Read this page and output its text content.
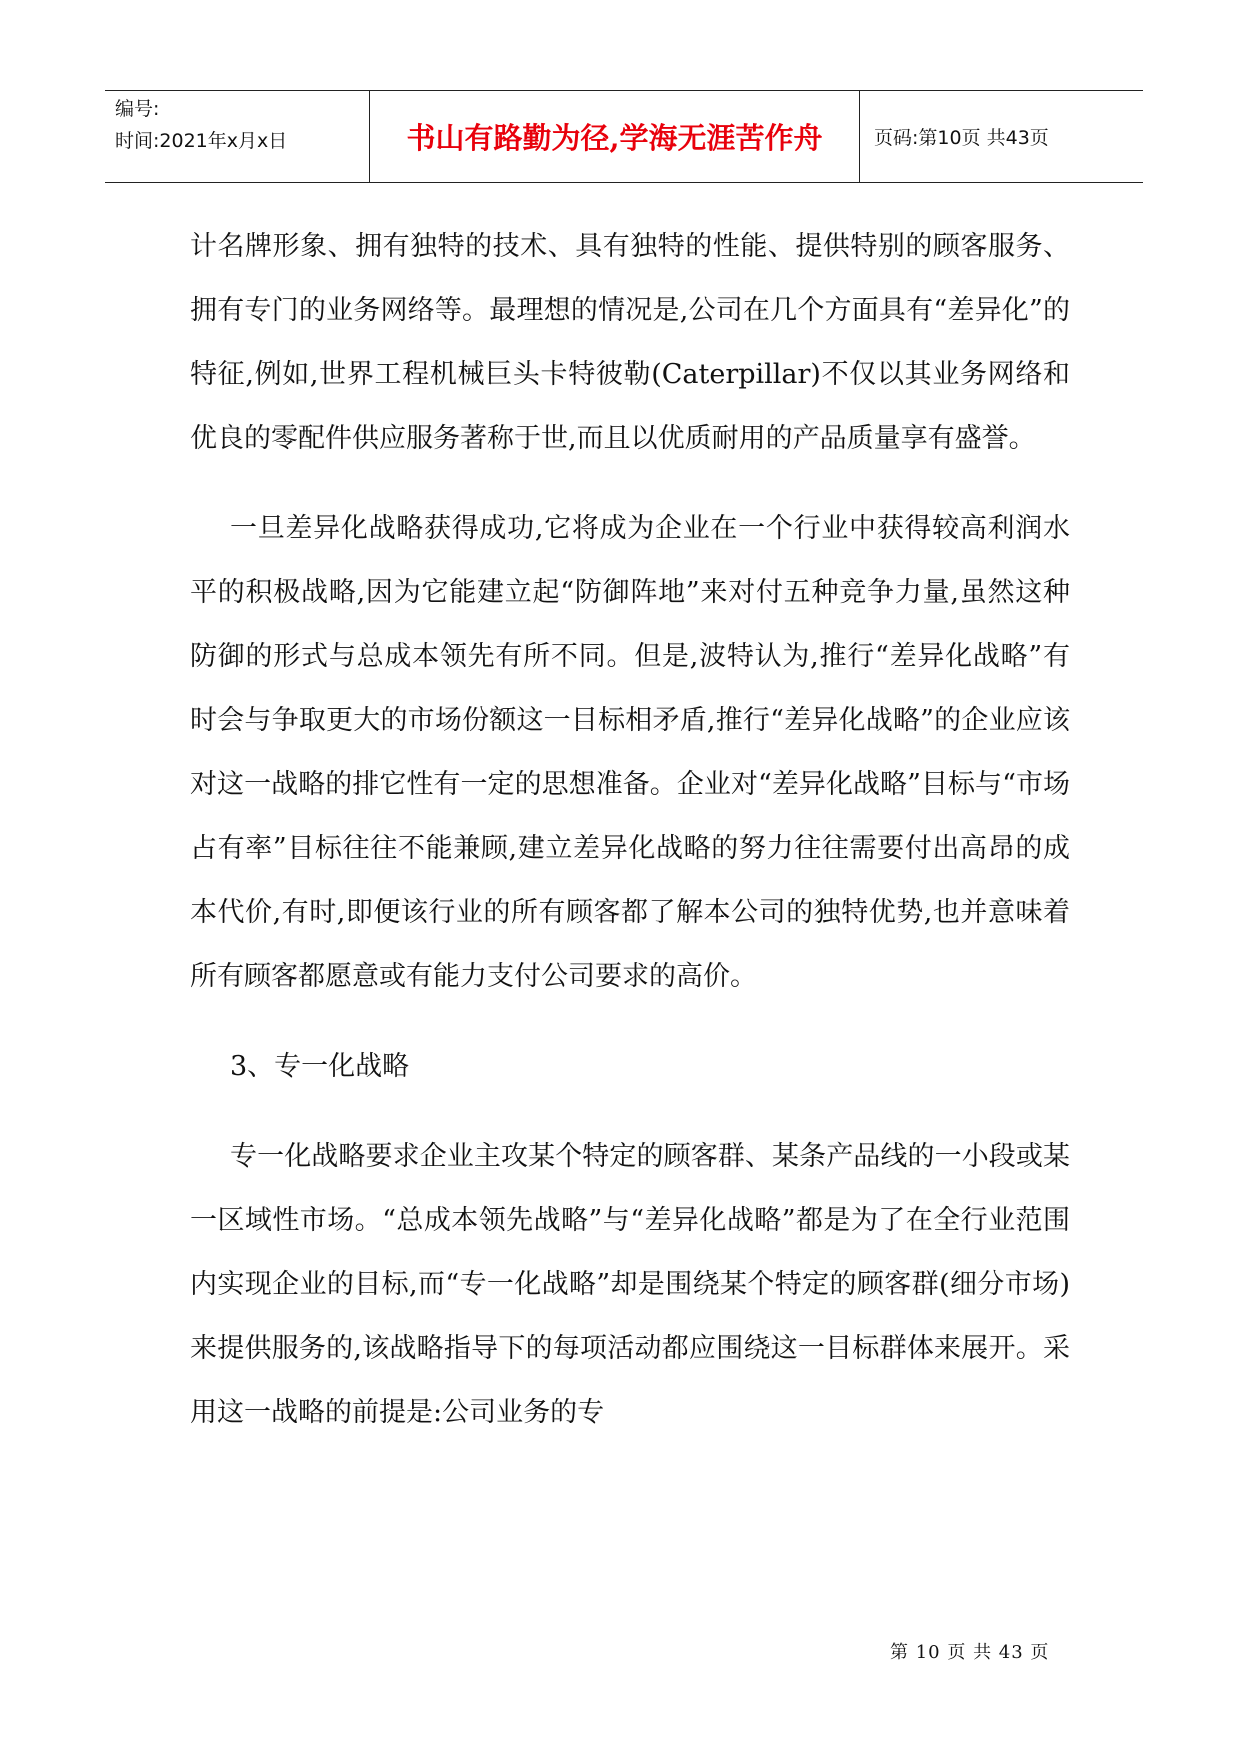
编号:
时间:2021年x月x日	书山有路勤为径,学海无涯苦作舟	页码:第10页 共43页

计名牌形象、拥有独特的技术、具有独特的性能、提供特别的顾客服务、拥有专门的业务网络等。最理想的情况是,公司在几个方面具有“差异化”的特征,例如,世界工程机械巨头卡特彼勒(Caterpillar)不仅以其业务网络和优良的零配件供应服务著称于世,而且以优质耐用的产品质量享有盛誉。

一旦差异化战略获得成功,它将成为企业在一个行业中获得较高利润水平的积极战略,因为它能建立起“防御阵地”来对付五种竞争力量,虽然这种防御的形式与总成本领先有所不同。但是,波特认为,推行“差异化战略”有时会与争取更大的市场份额这一目标相矛盾,推行“差异化战略”的企业应该对这一战略的排它性有一定的思想准备。企业对“差异化战略”目标与“市场占有率”目标往往不能兼顾,建立差异化战略的努力往往需要付出高昂的成本代价,有时,即便该行业的所有顾客都了解本公司的独特优势,也并意味着所有顾客都愿意或有能力支付公司要求的高价。

3、专一化战略

专一化战略要求企业主攻某个特定的顾客群、某条产品线的一小段或某一区域性市场。“总成本领先战略”与“差异化战略”都是为了在全行业范围内实现企业的目标,而“专一化战略”却是围绕某个特定的顾客群(细分市场)来提供服务的,该战略指导下的每项活动都应围绕这一目标群体来展开。采用这一战略的前提是:公司业务的专

第 10 页 共 43 页
